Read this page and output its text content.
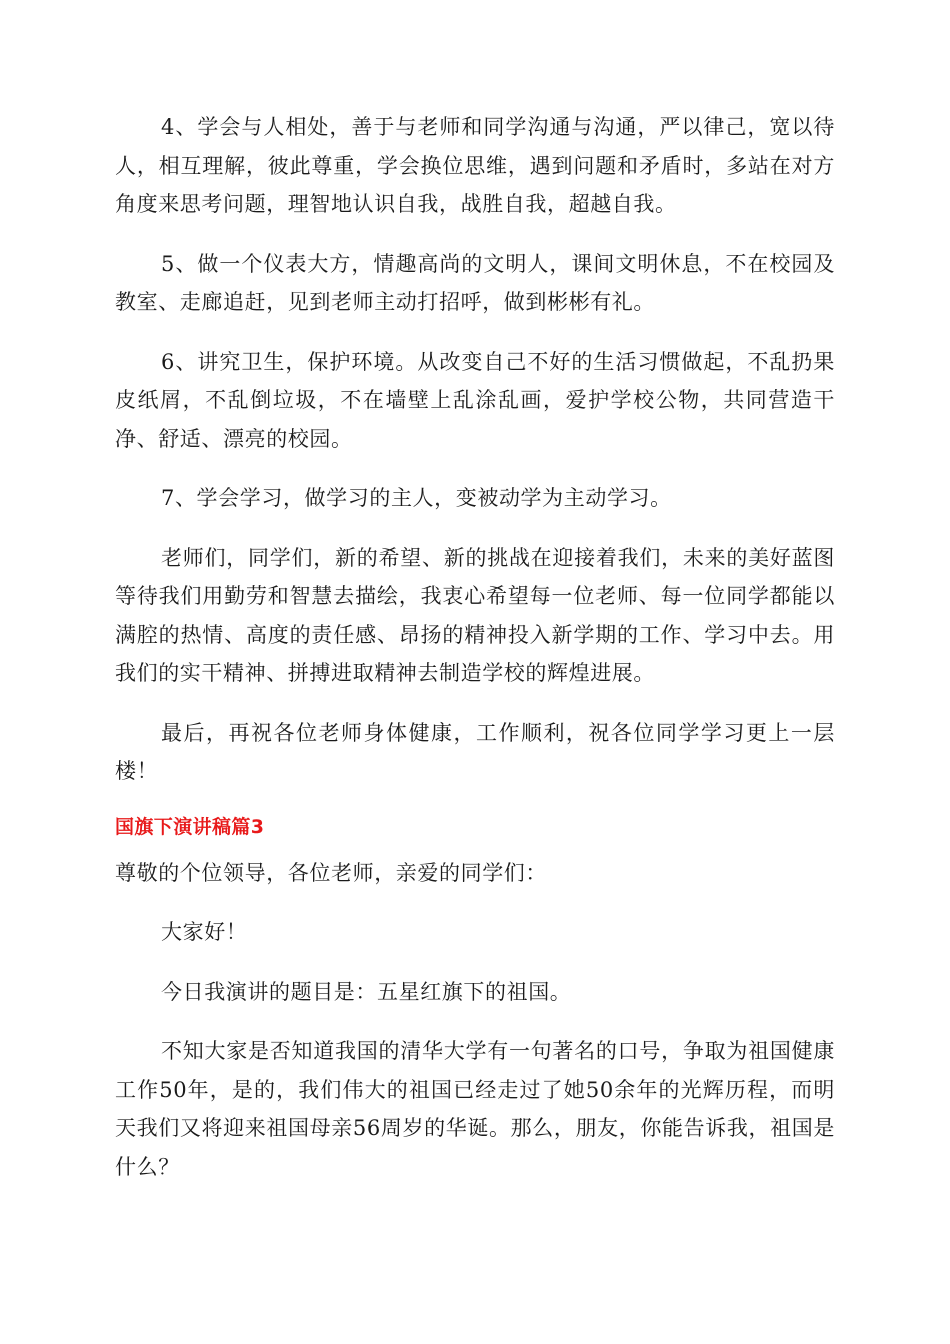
4、学会与人相处，善于与老师和同学沟通与沟通，严以律己，宽以待人，相互理解，彼此尊重，学会换位思维，遇到问题和矛盾时，多站在对方角度来思考问题，理智地认识自我，战胜自我，超越自我。

5、做一个仪表大方，情趣高尚的文明人，课间文明休息，不在校园及教室、走廊追赶，见到老师主动打招呼，做到彬彬有礼。

6、讲究卫生，保护环境。从改变自己不好的生活习惯做起，不乱扔果皮纸屑，不乱倒垃圾，不在墙壁上乱涂乱画，爱护学校公物，共同营造干净、舒适、漂亮的校园。

7、学会学习，做学习的主人，变被动学为主动学习。

老师们，同学们，新的希望、新的挑战在迎接着我们，未来的美好蓝图等待我们用勤劳和智慧去描绘，我衷心希望每一位老师、每一位同学都能以满腔的热情、高度的责任感、昂扬的精神投入新学期的工作、学习中去。用我们的实干精神、拼搏进取精神去制造学校的辉煌进展。

最后，再祝各位老师身体健康，工作顺利，祝各位同学学习更上一层楼！

国旗下演讲稿篇3

尊敬的个位领导，各位老师，亲爱的同学们：

大家好！

今日我演讲的题目是：五星红旗下的祖国。

不知大家是否知道我国的清华大学有一句著名的口号，争取为祖国健康工作50年，是的，我们伟大的祖国已经走过了她50余年的光辉历程，而明天我们又将迎来祖国母亲56周岁的华诞。那么，朋友，你能告诉我，祖国是什么？
